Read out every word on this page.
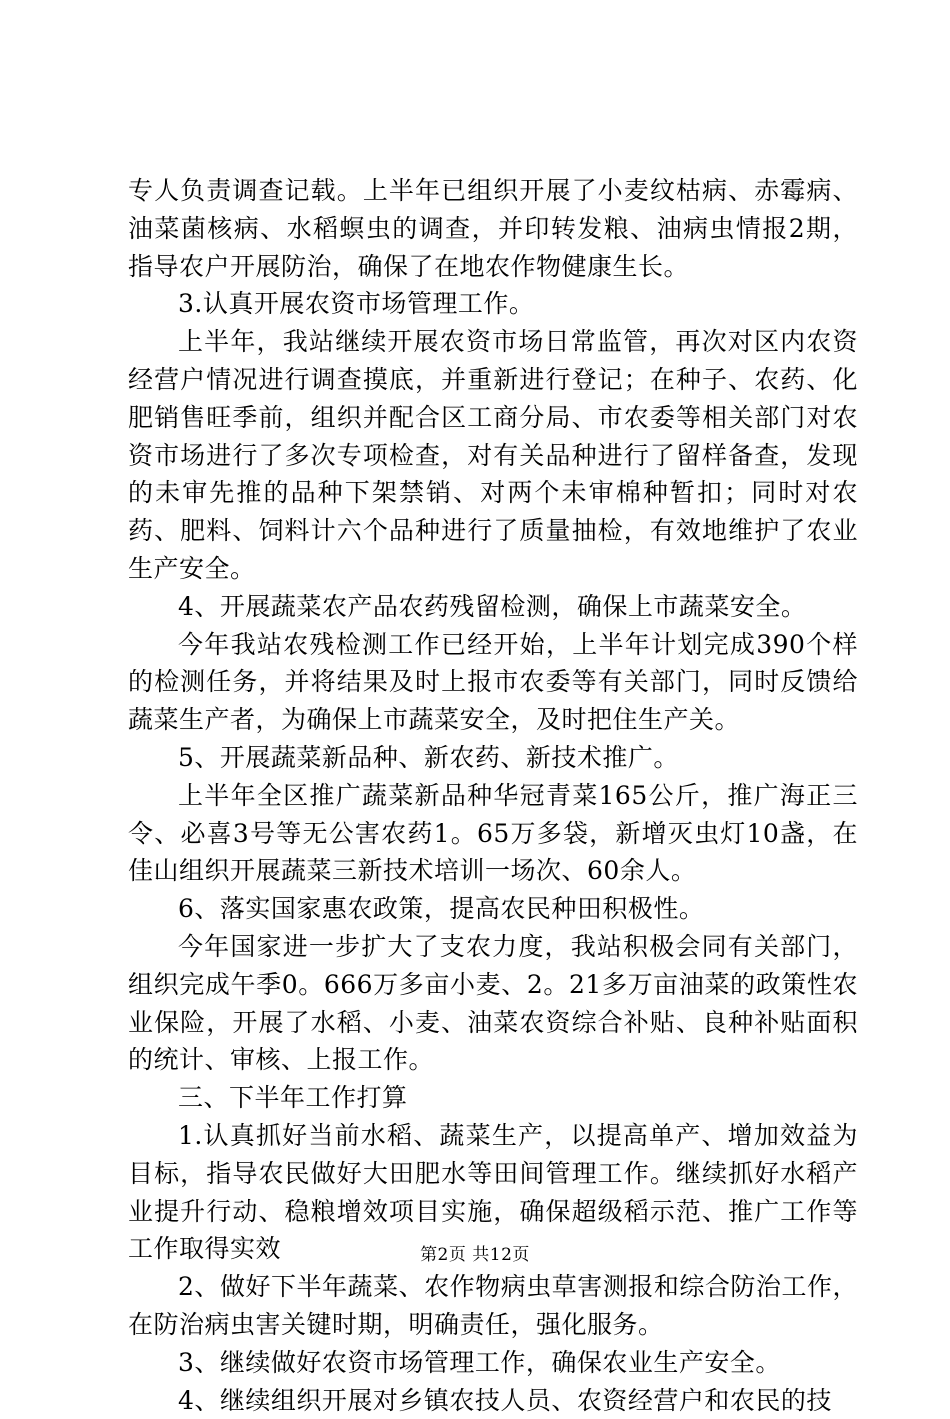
专人负责调查记载。上半年已组织开展了小麦纹枯病、赤霉病、油菜菌核病、水稻螟虫的调查，并印转发粮、油病虫情报2期，指导农户开展防治，确保了在地农作物健康生长。

3.认真开展农资市场管理工作。

上半年，我站继续开展农资市场日常监管，再次对区内农资经营户情况进行调查摸底，并重新进行登记；在种子、农药、化肥销售旺季前，组织并配合区工商分局、市农委等相关部门对农资市场进行了多次专项检查，对有关品种进行了留样备查，发现的未审先推的品种下架禁销、对两个未审棉种暂扣；同时对农药、肥料、饲料计六个品种进行了质量抽检，有效地维护了农业生产安全。

4、开展蔬菜农产品农药残留检测，确保上市蔬菜安全。

今年我站农残检测工作已经开始，上半年计划完成390个样的检测任务，并将结果及时上报市农委等有关部门，同时反馈给蔬菜生产者，为确保上市蔬菜安全，及时把住生产关。

5、开展蔬菜新品种、新农药、新技术推广。

上半年全区推广蔬菜新品种华冠青菜165公斤，推广海正三令、必喜3号等无公害农药1。65万多袋，新增灭虫灯10盏，在佳山组织开展蔬菜三新技术培训一场次、60余人。

6、落实国家惠农政策，提高农民种田积极性。

今年国家进一步扩大了支农力度，我站积极会同有关部门，组织完成午季0。666万多亩小麦、2。21多万亩油菜的政策性农业保险，开展了水稻、小麦、油菜农资综合补贴、良种补贴面积的统计、审核、上报工作。

三、下半年工作打算

1.认真抓好当前水稻、蔬菜生产，以提高单产、增加效益为目标，指导农民做好大田肥水等田间管理工作。继续抓好水稻产业提升行动、稳粮增效项目实施，确保超级稻示范、推广工作等工作取得实效

2、做好下半年蔬菜、农作物病虫草害测报和综合防治工作，在防治病虫害关键时期，明确责任，强化服务。

3、继续做好农资市场管理工作，确保农业生产安全。

4、继续组织开展对乡镇农技人员、农资经营户和农民的技

第2页 共12页
